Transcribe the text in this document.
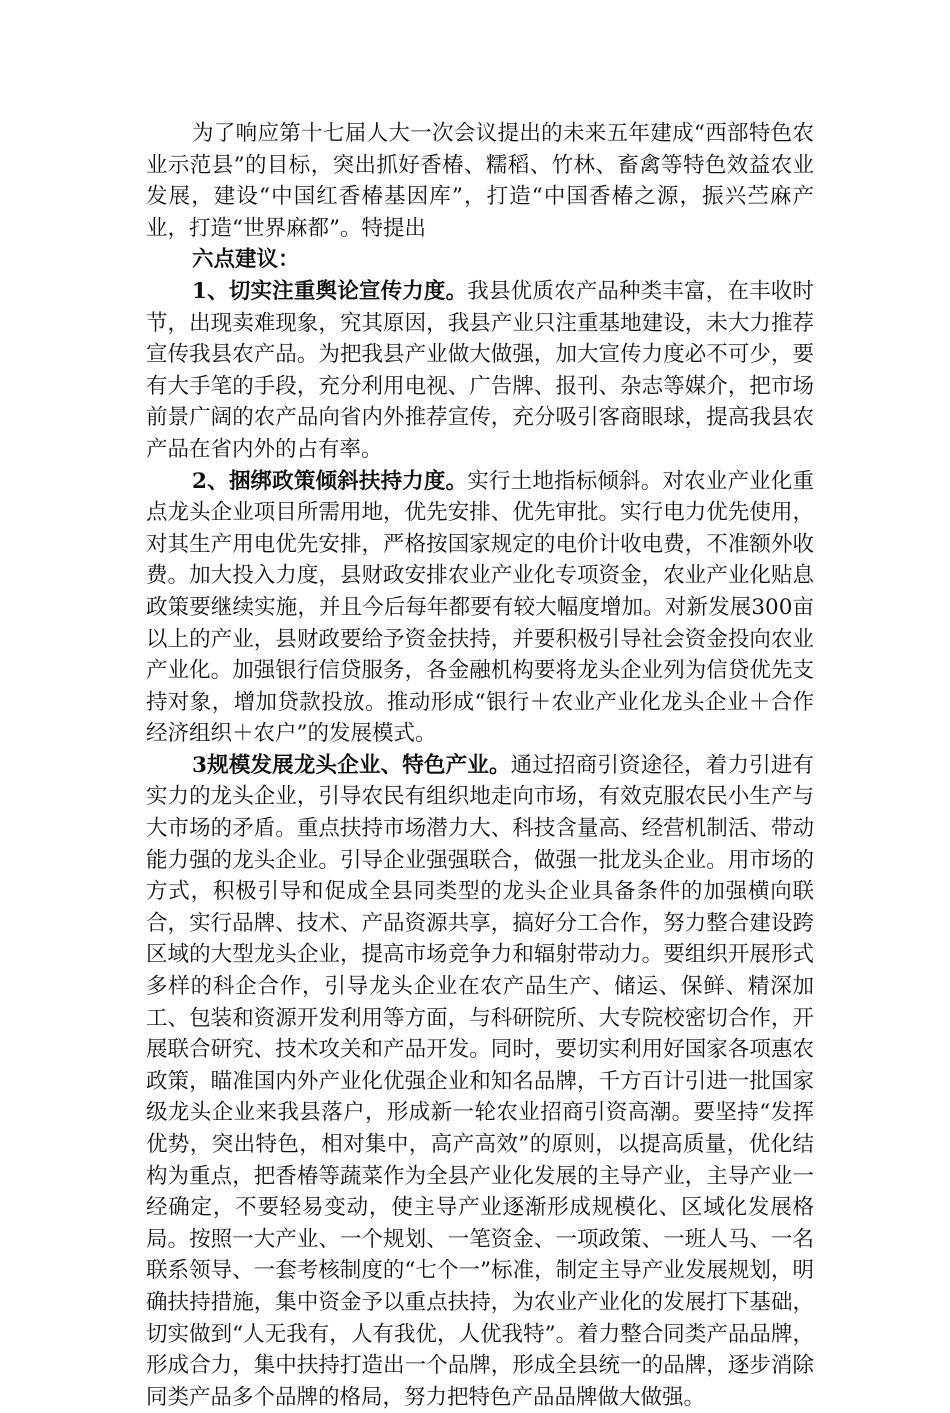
为了响应第十七届人大一次会议提出的未来五年建成“西部特色农业示范县”的目标，突出抓好香椿、糯稻、竹林、畜禽等特色效益农业发展，建设“中国红香椿基因库”，打造“中国香椿之源，振兴苎麻产业，打造“世界麻都”。特提出

六点建议：

1、切实注重舆论宣传力度。我县优质农产品种类丰富，在丰收时节，出现卖难现象，究其原因，我县产业只注重基地建设，未大力推荐宣传我县农产品。为把我县产业做大做强，加大宣传力度必不可少，要有大手笔的手段，充分利用电视、广告牌、报刊、杂志等媒介，把市场前景广阔的农产品向省内外推荐宣传，充分吸引客商眼球，提高我县农产品在省内外的占有率。

2、捆绑政策倾斜扶持力度。实行土地指标倾斜。对农业产业化重点龙头企业项目所需用地，优先安排、优先审批。实行电力优先使用，对其生产用电优先安排，严格按国家规定的电价计收电费，不准额外收费。加大投入力度，县财政安排农业产业化专项资金，农业产业化贴息政策要继续实施，并且今后每年都要有较大幅度增加。对新发展300亩以上的产业，县财政要给予资金扶持，并要积极引导社会资金投向农业产业化。加强银行信贷服务，各金融机构要将龙头企业列为信贷优先支持对象，增加贷款投放。推动形成“银行＋农业产业化龙头企业＋合作经济组织＋农户”的发展模式。

3规模发展龙头企业、特色产业。通过招商引资途径，着力引进有实力的龙头企业，引导农民有组织地走向市场，有效克服农民小生产与大市场的矛盾。重点扶持市场潜力大、科技含量高、经营机制活、带动能力强的龙头企业。引导企业强强联合，做强一批龙头企业。用市场的方式，积极引导和促成全县同类型的龙头企业具备条件的加强横向联合，实行品牌、技术、产品资源共享，搞好分工合作，努力整合建设跨区域的大型龙头企业，提高市场竞争力和辐射带动力。要组织开展形式多样的科企合作，引导龙头企业在农产品生产、储运、保鲜、精深加工、包装和资源开发利用等方面，与科研院所、大专院校密切合作，开展联合研究、技术攻关和产品开发。同时，要切实利用好国家各项惠农政策，瞄准国内外产业化优强企业和知名品牌，千方百计引进一批国家级龙头企业来我县落户，形成新一轮农业招商引资高潮。要坚持“发挥优势，突出特色，相对集中，高产高效”的原则，以提高质量，优化结构为重点，把香椿等蔬菜作为全县产业化发展的主导产业，主导产业一经确定，不要轻易变动，使主导产业逐渐形成规模化、区域化发展格局。按照一大产业、一个规划、一笔资金、一项政策、一班人马、一名联系领导、一套考核制度的“七个一”标准，制定主导产业发展规划，明确扶持措施，集中资金予以重点扶持，为农业产业化的发展打下基础，切实做到“人无我有，人有我优，人优我特”。着力整合同类产品品牌，形成合力，集中扶持打造出一个品牌，形成全县统一的品牌，逐步消除同类产品多个品牌的格局，努力把特色产品品牌做大做强。
